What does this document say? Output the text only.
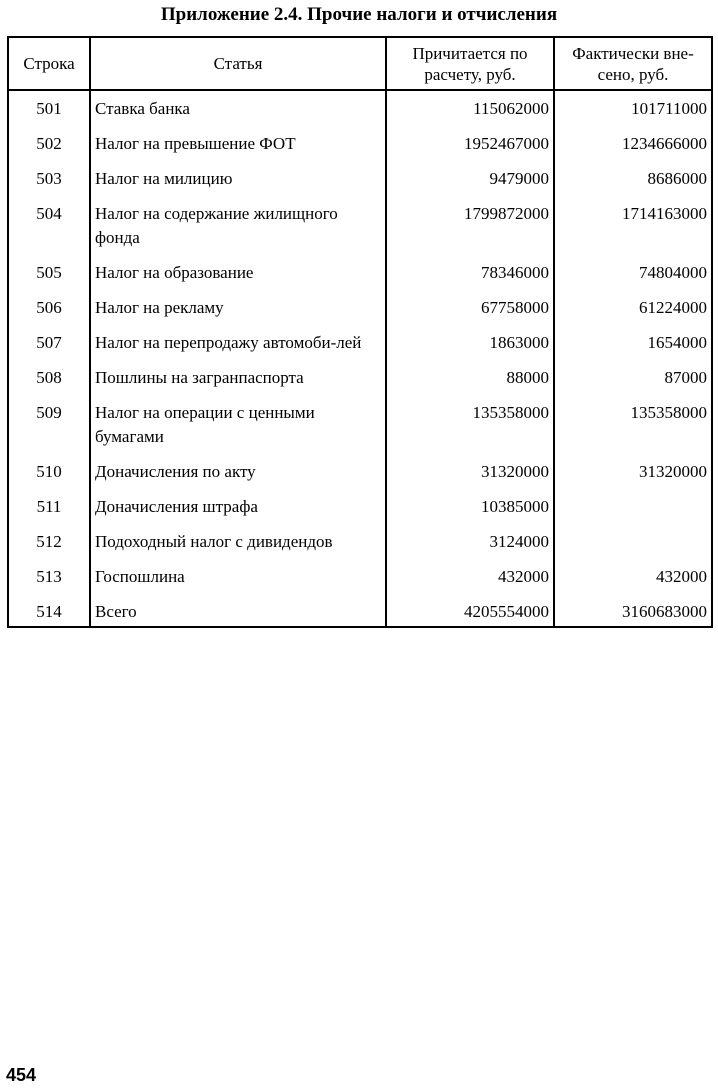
Приложение 2.4. Прочие налоги и отчисления
Строка	Статья	Причитается по расчету, руб.	Фактически вне-сено, руб.
501	Ставка банка	115062000	101711000
502	Налог на превышение ФОТ	1952467000	1234666000
503	Налог на милицию	9479000	8686000
504	Налог на содержание жилищного фонда	1799872000	1714163000
505	Налог на образование	78346000	74804000
506	Налог на рекламу	67758000	61224000
507	Налог на перепродажу автомоби-лей	1863000	1654000
508	Пошлины на загранпаспорта	88000	87000
509	Налог на операции с ценными бумагами	135358000	135358000
510	Доначисления по акту	31320000	31320000
511	Доначисления штрафа	10385000	
512	Подоходный налог с дивидендов	3124000	
513	Госпошлина	432000	432000
514	Всего	4205554000	3160683000
454
